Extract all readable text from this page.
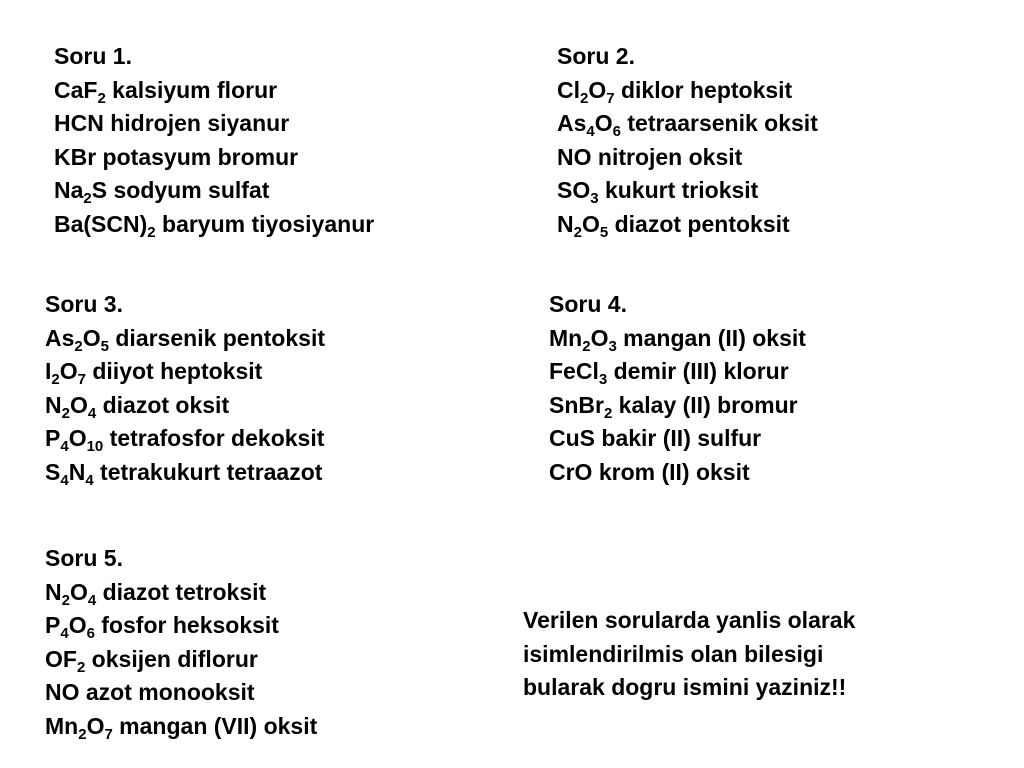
Soru 1.
CaF$_2$ kalsiyum florur
HCN hidrojen siyanur
KBr potasyum bromur
$Na_2S$ sodyum sulfat
$Ba(SCN)_2$ baryum tiyosiyanur
Soru 2.
$Cl_2O_7$ diklor heptoksit
$As_4O_6$ tetraarsenik oksit
NO nitrojen oksit
$SO_3$ kukurt trioksit
$N_2O_5$ diazot pentoksit
Soru 3.
$As_2O_5$ diarsenik pentoksit
$I_2O_7$ diiyot heptoksit
$N_2O_4$ diazot oksit
$P_4O_{10}$ tetrafosfor dekoksit
$S_4N_4$ tetrakukurt tetraazot
Soru 4.
$Mn_2O_3$ mangan (II) oksit
FeCl$_3$ demir (III) klorur
SnBr$_2$ kalay (II) bromur
CuS bakir (II) sulfur
CrO krom (II) oksit
Soru 5.
$N_2O_4$ diazot tetroksit
$P_4O_6$ fosfor heksoksit
$OF_2$ oksijen diflorur
NO azot monooksit
$Mn_2O_7$ mangan (VII) oksit
Verilen sorularda yanlis olarak
isimlendirilmis olan bilesigi
bularak dogru ismini yaziniz!!
